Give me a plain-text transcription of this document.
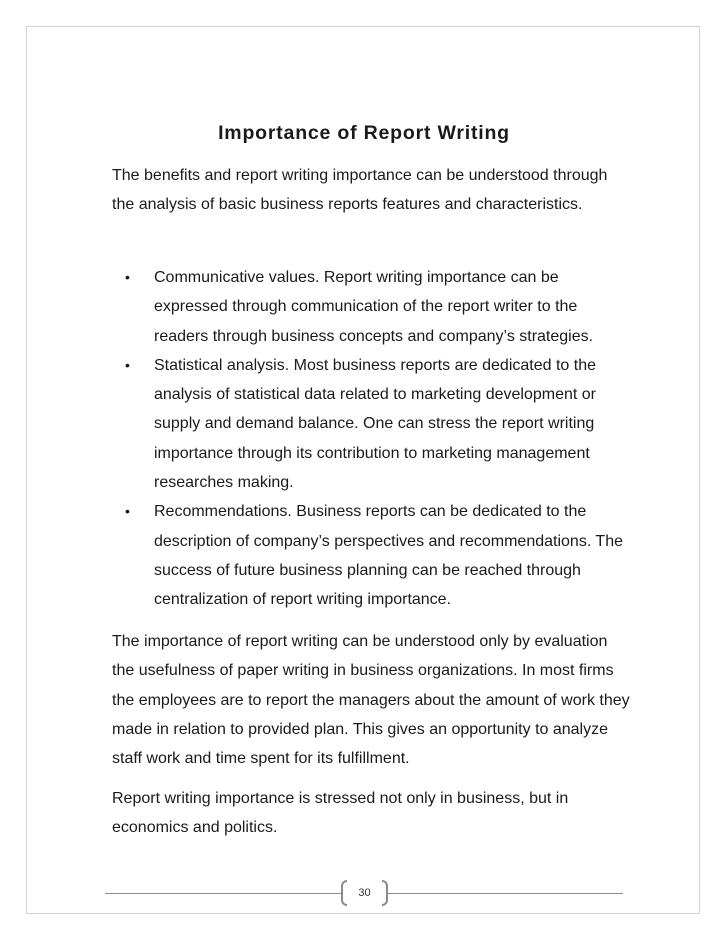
Importance of Report Writing

The benefits and report writing importance can be understood through the analysis of basic business reports features and characteristics.

• Communicative values. Report writing importance can be expressed through communication of the report writer to the readers through business concepts and company’s strategies.
• Statistical analysis. Most business reports are dedicated to the analysis of statistical data related to marketing development or supply and demand balance. One can stress the report writing importance through its contribution to marketing management researches making.
• Recommendations. Business reports can be dedicated to the description of company’s perspectives and recommendations. The success of future business planning can be reached through centralization of report writing importance.

The importance of report writing can be understood only by evaluation the usefulness of paper writing in business organizations. In most firms the employees are to report the managers about the amount of work they made in relation to provided plan. This gives an opportunity to analyze staff work and time spent for its fulfillment.

Report writing importance is stressed not only in business, but in economics and politics.

30
